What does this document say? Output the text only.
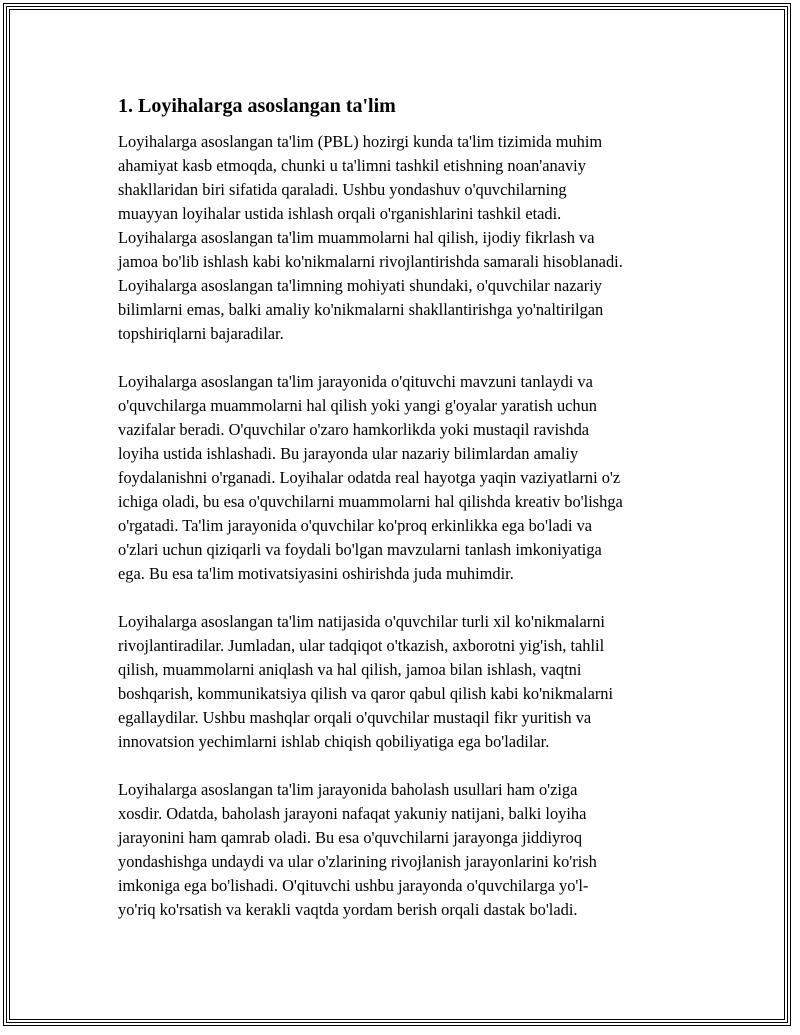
1. Loyihalarga asoslangan ta'lim

Loyihalarga asoslangan ta'lim (PBL) hozirgi kunda ta'lim tizimida muhim
ahamiyat kasb etmoqda, chunki u ta'limni tashkil etishning noan'anaviy
shakllaridan biri sifatida qaraladi. Ushbu yondashuv o'quvchilarning
muayyan loyihalar ustida ishlash orqali o'rganishlarini tashkil etadi.
Loyihalarga asoslangan ta'lim muammolarni hal qilish, ijodiy fikrlash va
jamoa bo'lib ishlash kabi ko'nikmalarni rivojlantirishda samarali hisoblanadi.
Loyihalarga asoslangan ta'limning mohiyati shundaki, o'quvchilar nazariy
bilimlarni emas, balki amaliy ko'nikmalarni shakllantirishga yo'naltirilgan
topshiriqlarni bajaradilar.

Loyihalarga asoslangan ta'lim jarayonida o'qituvchi mavzuni tanlaydi va
o'quvchilarga muammolarni hal qilish yoki yangi g'oyalar yaratish uchun
vazifalar beradi. O'quvchilar o'zaro hamkorlikda yoki mustaqil ravishda
loyiha ustida ishlashadi. Bu jarayonda ular nazariy bilimlardan amaliy
foydalanishni o'rganadi. Loyihalar odatda real hayotga yaqin vaziyatlarni o'z
ichiga oladi, bu esa o'quvchilarni muammolarni hal qilishda kreativ bo'lishga
o'rgatadi. Ta'lim jarayonida o'quvchilar ko'proq erkinlikka ega bo'ladi va
o'zlari uchun qiziqarli va foydali bo'lgan mavzularni tanlash imkoniyatiga
ega. Bu esa ta'lim motivatsiyasini oshirishda juda muhimdir.

Loyihalarga asoslangan ta'lim natijasida o'quvchilar turli xil ko'nikmalarni
rivojlantiradilar. Jumladan, ular tadqiqot o'tkazish, axborotni yig'ish, tahlil
qilish, muammolarni aniqlash va hal qilish, jamoa bilan ishlash, vaqtni
boshqarish, kommunikatsiya qilish va qaror qabul qilish kabi ko'nikmalarni
egallaydilar. Ushbu mashqlar orqali o'quvchilar mustaqil fikr yuritish va
innovatsion yechimlarni ishlab chiqish qobiliyatiga ega bo'ladilar.

Loyihalarga asoslangan ta'lim jarayonida baholash usullari ham o'ziga
xosdir. Odatda, baholash jarayoni nafaqat yakuniy natijani, balki loyiha
jarayonini ham qamrab oladi. Bu esa o'quvchilarni jarayonga jiddiyroq
yondashishga undaydi va ular o'zlarining rivojlanish jarayonlarini ko'rish
imkoniga ega bo'lishadi. O'qituvchi ushbu jarayonda o'quvchilarga yo'l-
yo'riq ko'rsatish va kerakli vaqtda yordam berish orqali dastak bo'ladi.
